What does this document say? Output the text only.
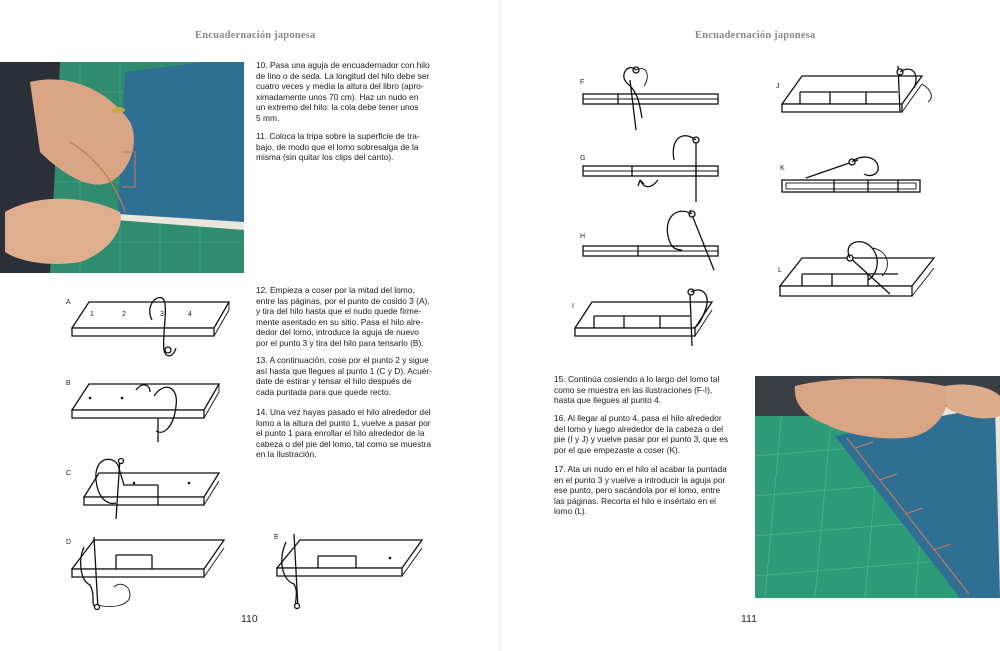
Encuadernación japonesa

10. Pasa una aguja de encuadernador con hilo
de lino o de seda. La longitud del hilo debe ser
cuatro veces y media la altura del libro (apro-
ximadamente unos 70 cm). Haz un nudo en
un extremo del hilo: la cola debe tener unos
5 mm.

11. Coloca la tripa sobre la superficie de tra-
bajo, de modo que el lomo sobresalga de la
misma (sin quitar los clips del canto).

12. Empieza a coser por la mitad del lomo,
entre las páginas, por el punto de cosido 3 (A),
y tira del hilo hasta que el nudo quede firme-
mente asentado en su sitio. Pasa el hilo alre-
dedor del lomo, introduce la aguja de nuevo
por el punto 3 y tira del hilo para tensarlo (B).

13. A continuación, cose por el punto 2 y sigue
así hasta que llegues al punto 1 (C y D). Acuér-
date de estirar y tensar el hilo después de
cada puntada para que quede recto.

14. Una vez hayas pasado el hilo alrededor del
lomo a la altura del punto 1, vuelve a pasar por
el punto 1 para enrollar el hilo alrededor de la
cabeza o del pie del lomo, tal como se muestra
en la ilustración.

A
1	2	3	4
B
C
D
E
110
Encuadernación japonesa
F
G
H
I
J
K
L

15. Continúa cosiendo a lo largo del lomo tal
como se muestra en las ilustraciones (F-I),
hasta que llegues al punto 4.

16. Al llegar al punto 4, pasa el hilo alrededor
del lomo y luego alrededor de la cabeza o del
pie (I y J) y vuelve pasar por el punto 3, que es
por el que empezaste a coser (K).

17. Ata un nudo en el hilo al acabar la puntada
en el punto 3 y vuelve a introducir la aguja por
ese punto, pero sacándola por el lomo, entre
las páginas. Recorta el hilo e insértalo en el
lomo (L).

111
